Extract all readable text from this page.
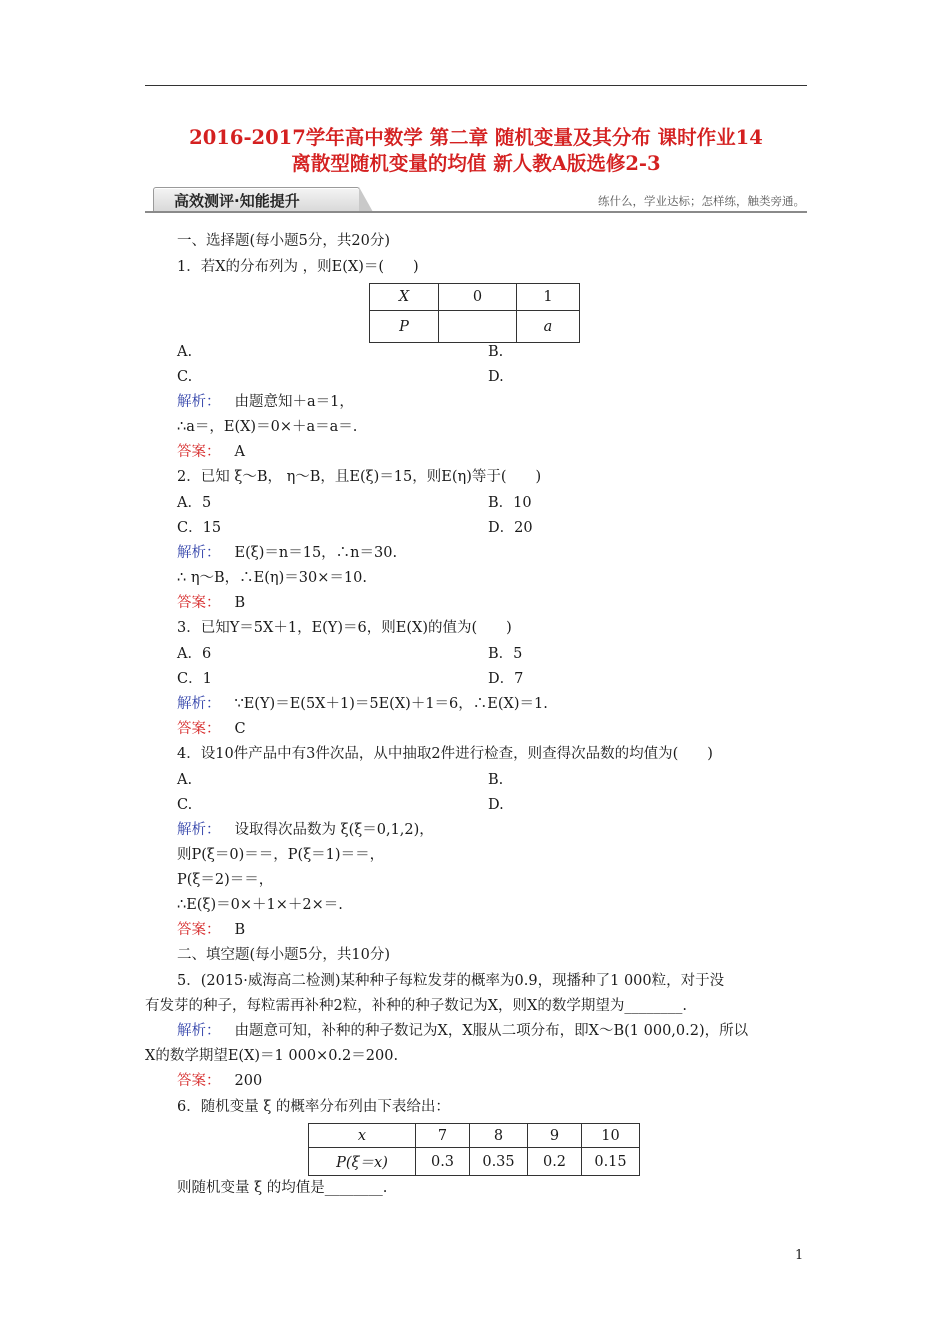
2016-2017学年高中数学 第二章 随机变量及其分布 课时作业14
离散型随机变量的均值 新人教A版选修2-3
高效测评·知能提升	练什么，学业达标；怎样练，触类旁通。
一、选择题(每小题5分，共20分)
1．若X的分布列为 ，则E(X)＝(　　)
X	0	1
P		a
A.	B.
C.	D.
解析： 由题意知＋a＝1，
∴a＝，E(X)＝0×＋a＝a＝.
答案： A
2．已知 ξ～B， η～B，且E(ξ)＝15，则E(η)等于(　　)
A．5	B．10
C．15	D．20
解析： E(ξ)＝n＝15，∴n＝30.
∴ η～B，∴E(η)＝30×＝10.
答案： B
3．已知Y＝5X＋1，E(Y)＝6，则E(X)的值为(　　)
A．6	B．5
C．1	D．7
解析： ∵E(Y)＝E(5X＋1)＝5E(X)＋1＝6，∴E(X)＝1.
答案： C
4．设10件产品中有3件次品，从中抽取2件进行检查，则查得次品数的均值为(　　)
A.	B.
C.	D.
解析： 设取得次品数为 ξ(ξ＝0,1,2)，
则P(ξ＝0)＝＝，P(ξ＝1)＝＝，
P(ξ＝2)＝＝，
∴E(ξ)＝0×＋1×＋2×＝.
答案： B
二、填空题(每小题5分，共10分)
5．(2015·威海高二检测)某种种子每粒发芽的概率为0.9，现播种了1 000粒，对于没
有发芽的种子，每粒需再补种2粒，补种的种子数记为X，则X的数学期望为________.
解析： 由题意可知，补种的种子数记为X，X服从二项分布，即X～B(1 000,0.2)，所以
X的数学期望E(X)＝1 000×0.2＝200.
答案： 200
6．随机变量 ξ 的概率分布列由下表给出：
x	7	8	9	10
P(ξ＝x)	0.3	0.35	0.2	0.15
则随机变量 ξ 的均值是________.
1
